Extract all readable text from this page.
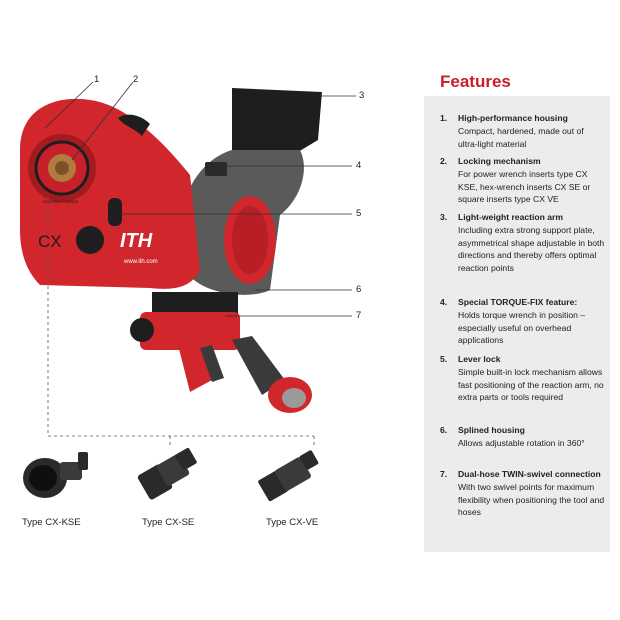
CX	ITH
www.ith.com
anziehen / loosen
1	2
3
4
5
6
7
Type CX-KSE	Type CX-SE	Type CX-VE
Features
1. High-performance housing
Compact, hardened, made out of ultra-light material
2. Locking mechanism
For power wrench inserts type CX KSE, hex-wrench inserts CX SE or square inserts type CX VE
3. Light-weight reaction arm
Including extra strong support plate, asymmetrical shape adjustable in both directions and thereby offers optimal reaction points
4. Special TORQUE-FIX feature:
Holds torque wrench in position – especially useful on overhead applications
5. Lever lock
Simple built-in lock mechanism allows fast positioning of the reaction arm, no extra parts or tools required
6. Splined housing
Allows adjustable rotation in 360°
7. Dual-hose TWIN-swivel connection
With two swivel points for maximum flexibility when positioning the tool and hoses
